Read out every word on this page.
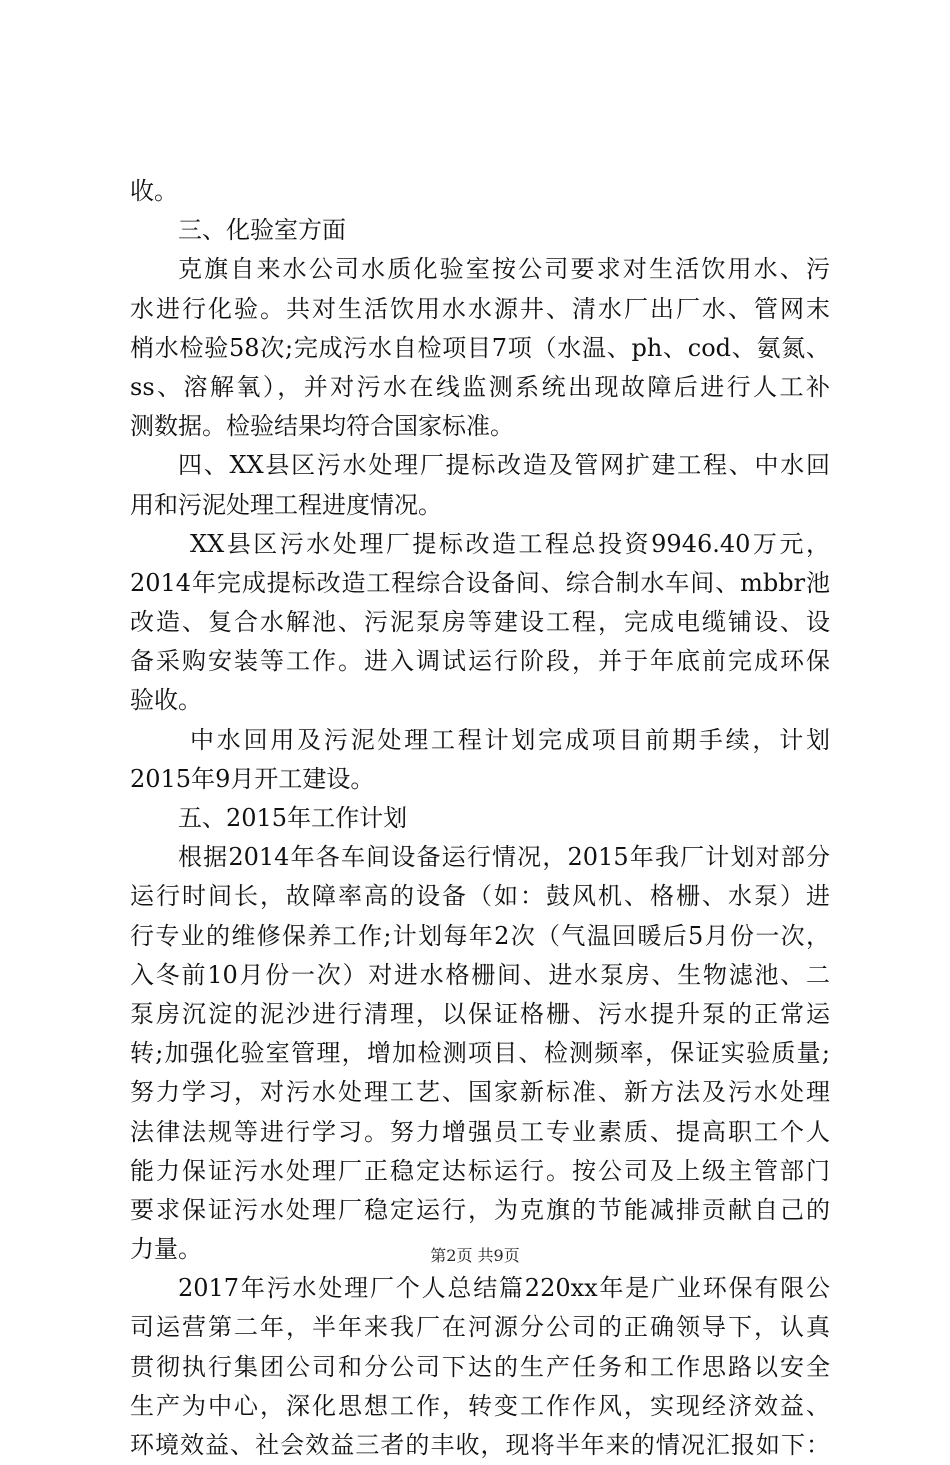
收。
三、化验室方面
克旗自来水公司水质化验室按公司要求对生活饮用水、污
水进行化验。共对生活饮用水水源井、清水厂出厂水、管网末
梢水检验58次;完成污水自检项目7项（水温、ph、cod、氨氮、
ss、溶解氧），并对污水在线监测系统出现故障后进行人工补
测数据。检验结果均符合国家标准。
四、XX县区污水处理厂提标改造及管网扩建工程、中水回
用和污泥处理工程进度情况。
XX县区污水处理厂提标改造工程总投资9946.40万元，
2014年完成提标改造工程综合设备间、综合制水车间、mbbr池
改造、复合水解池、污泥泵房等建设工程，完成电缆铺设、设
备采购安装等工作。进入调试运行阶段，并于年底前完成环保
验收。
中水回用及污泥处理工程计划完成项目前期手续，计划
2015年9月开工建设。
五、2015年工作计划
根据2014年各车间设备运行情况，2015年我厂计划对部分
运行时间长，故障率高的设备（如：鼓风机、格栅、水泵）进
行专业的维修保养工作;计划每年2次（气温回暖后5月份一次，
入冬前10月份一次）对进水格栅间、进水泵房、生物滤池、二
泵房沉淀的泥沙进行清理，以保证格栅、污水提升泵的正常运
转;加强化验室管理，增加检测项目、检测频率，保证实验质量;
努力学习，对污水处理工艺、国家新标准、新方法及污水处理
法律法规等进行学习。努力增强员工专业素质、提高职工个人
能力保证污水处理厂正稳定达标运行。按公司及上级主管部门
要求保证污水处理厂稳定运行，为克旗的节能减排贡献自己的
力量。
2017年污水处理厂个人总结篇220xx年是广业环保有限公
司运营第二年，半年来我厂在河源分公司的正确领导下，认真
贯彻执行集团公司和分公司下达的生产任务和工作思路以安全
生产为中心，深化思想工作，转变工作作风，实现经济效益、
环境效益、社会效益三者的丰收，现将半年来的情况汇报如下：
第2页 共9页
